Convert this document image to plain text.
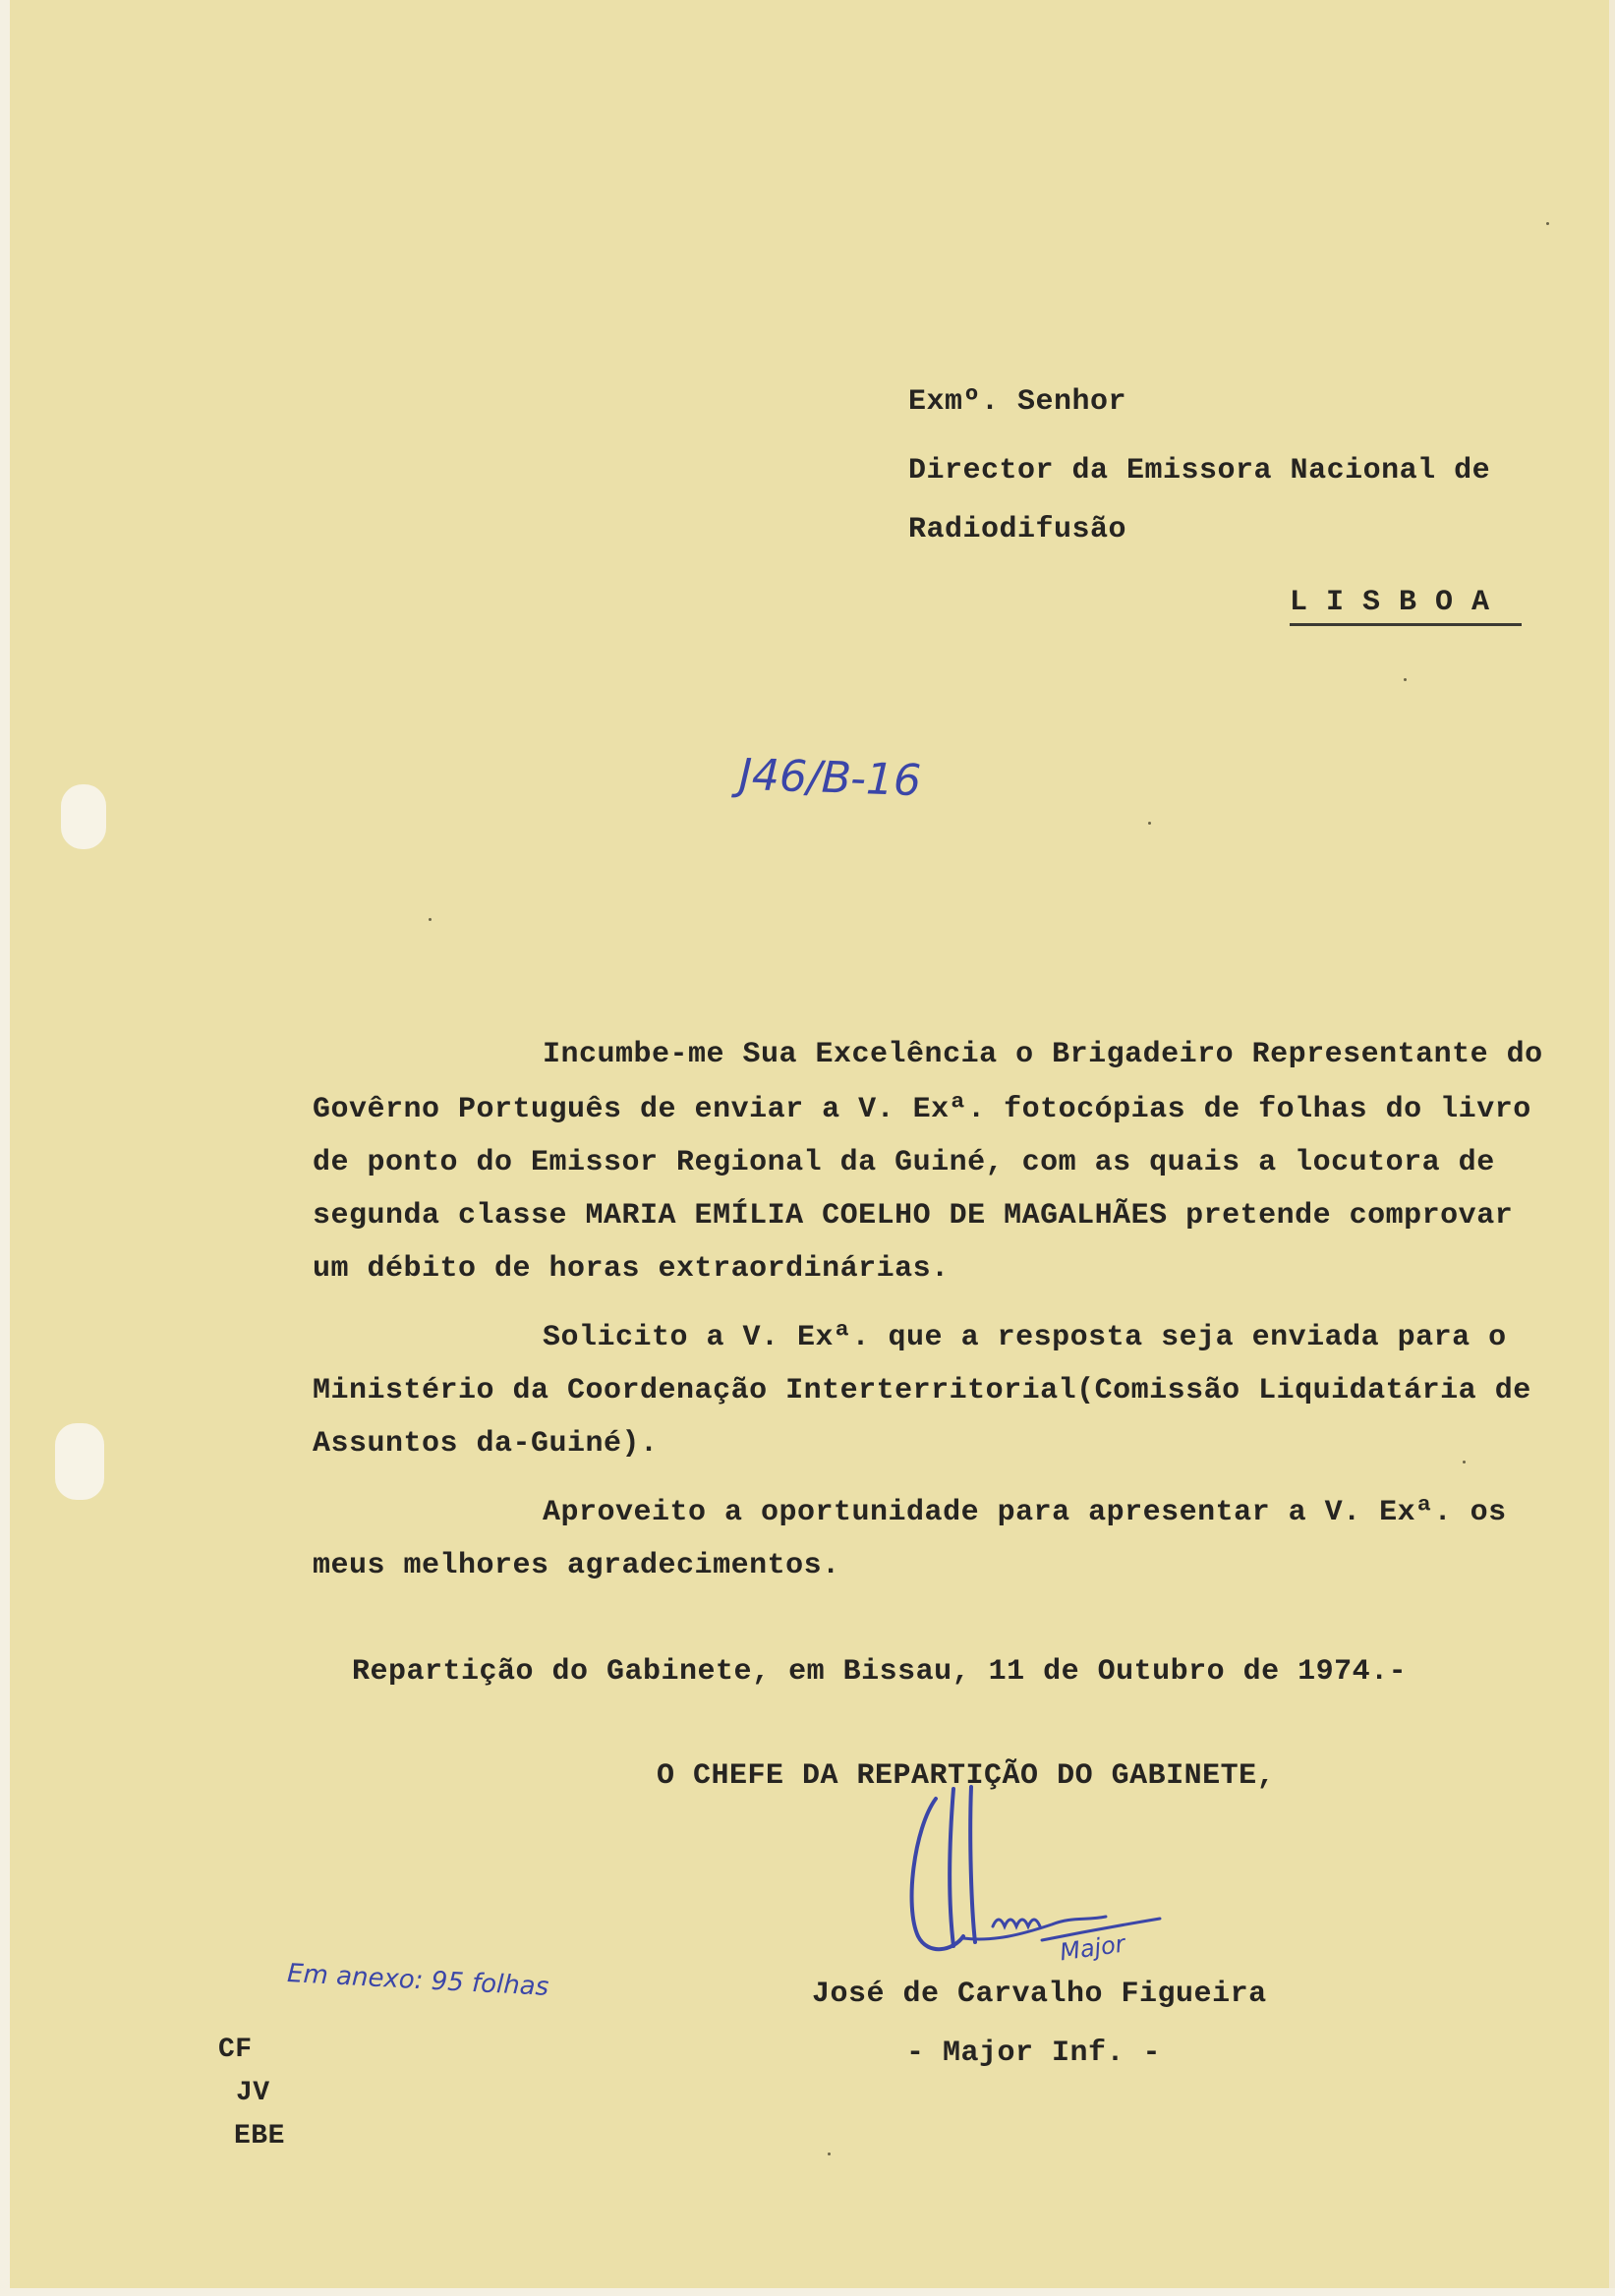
Exmº. Senhor
Director da Emissora Nacional de
Radiodifusão
L I S B O A
J46/B-16
Incumbe-me Sua Excelência o Brigadeiro Representante do
Govêrno Português de enviar a V. Exª. fotocópias de folhas do livro
de ponto do Emissor Regional da Guiné, com as quais a locutora de
segunda classe MARIA EMÍLIA COELHO DE MAGALHÃES pretende comprovar
um débito de horas extraordinárias.
Solicito a V. Exª. que a resposta seja enviada para o
Ministério da Coordenação Interterritorial(Comissão Liquidatária de
Assuntos da-Guiné).
Aproveito a oportunidade para apresentar a V. Exª. os
meus melhores agradecimentos.
Repartição do Gabinete, em Bissau, 11 de Outubro de 1974.-
O CHEFE DA REPARTIÇÃO DO GABINETE,
Major
José de Carvalho Figueira
- Major Inf. -
Em anexo: 95 folhas
CF
JV
EBE
